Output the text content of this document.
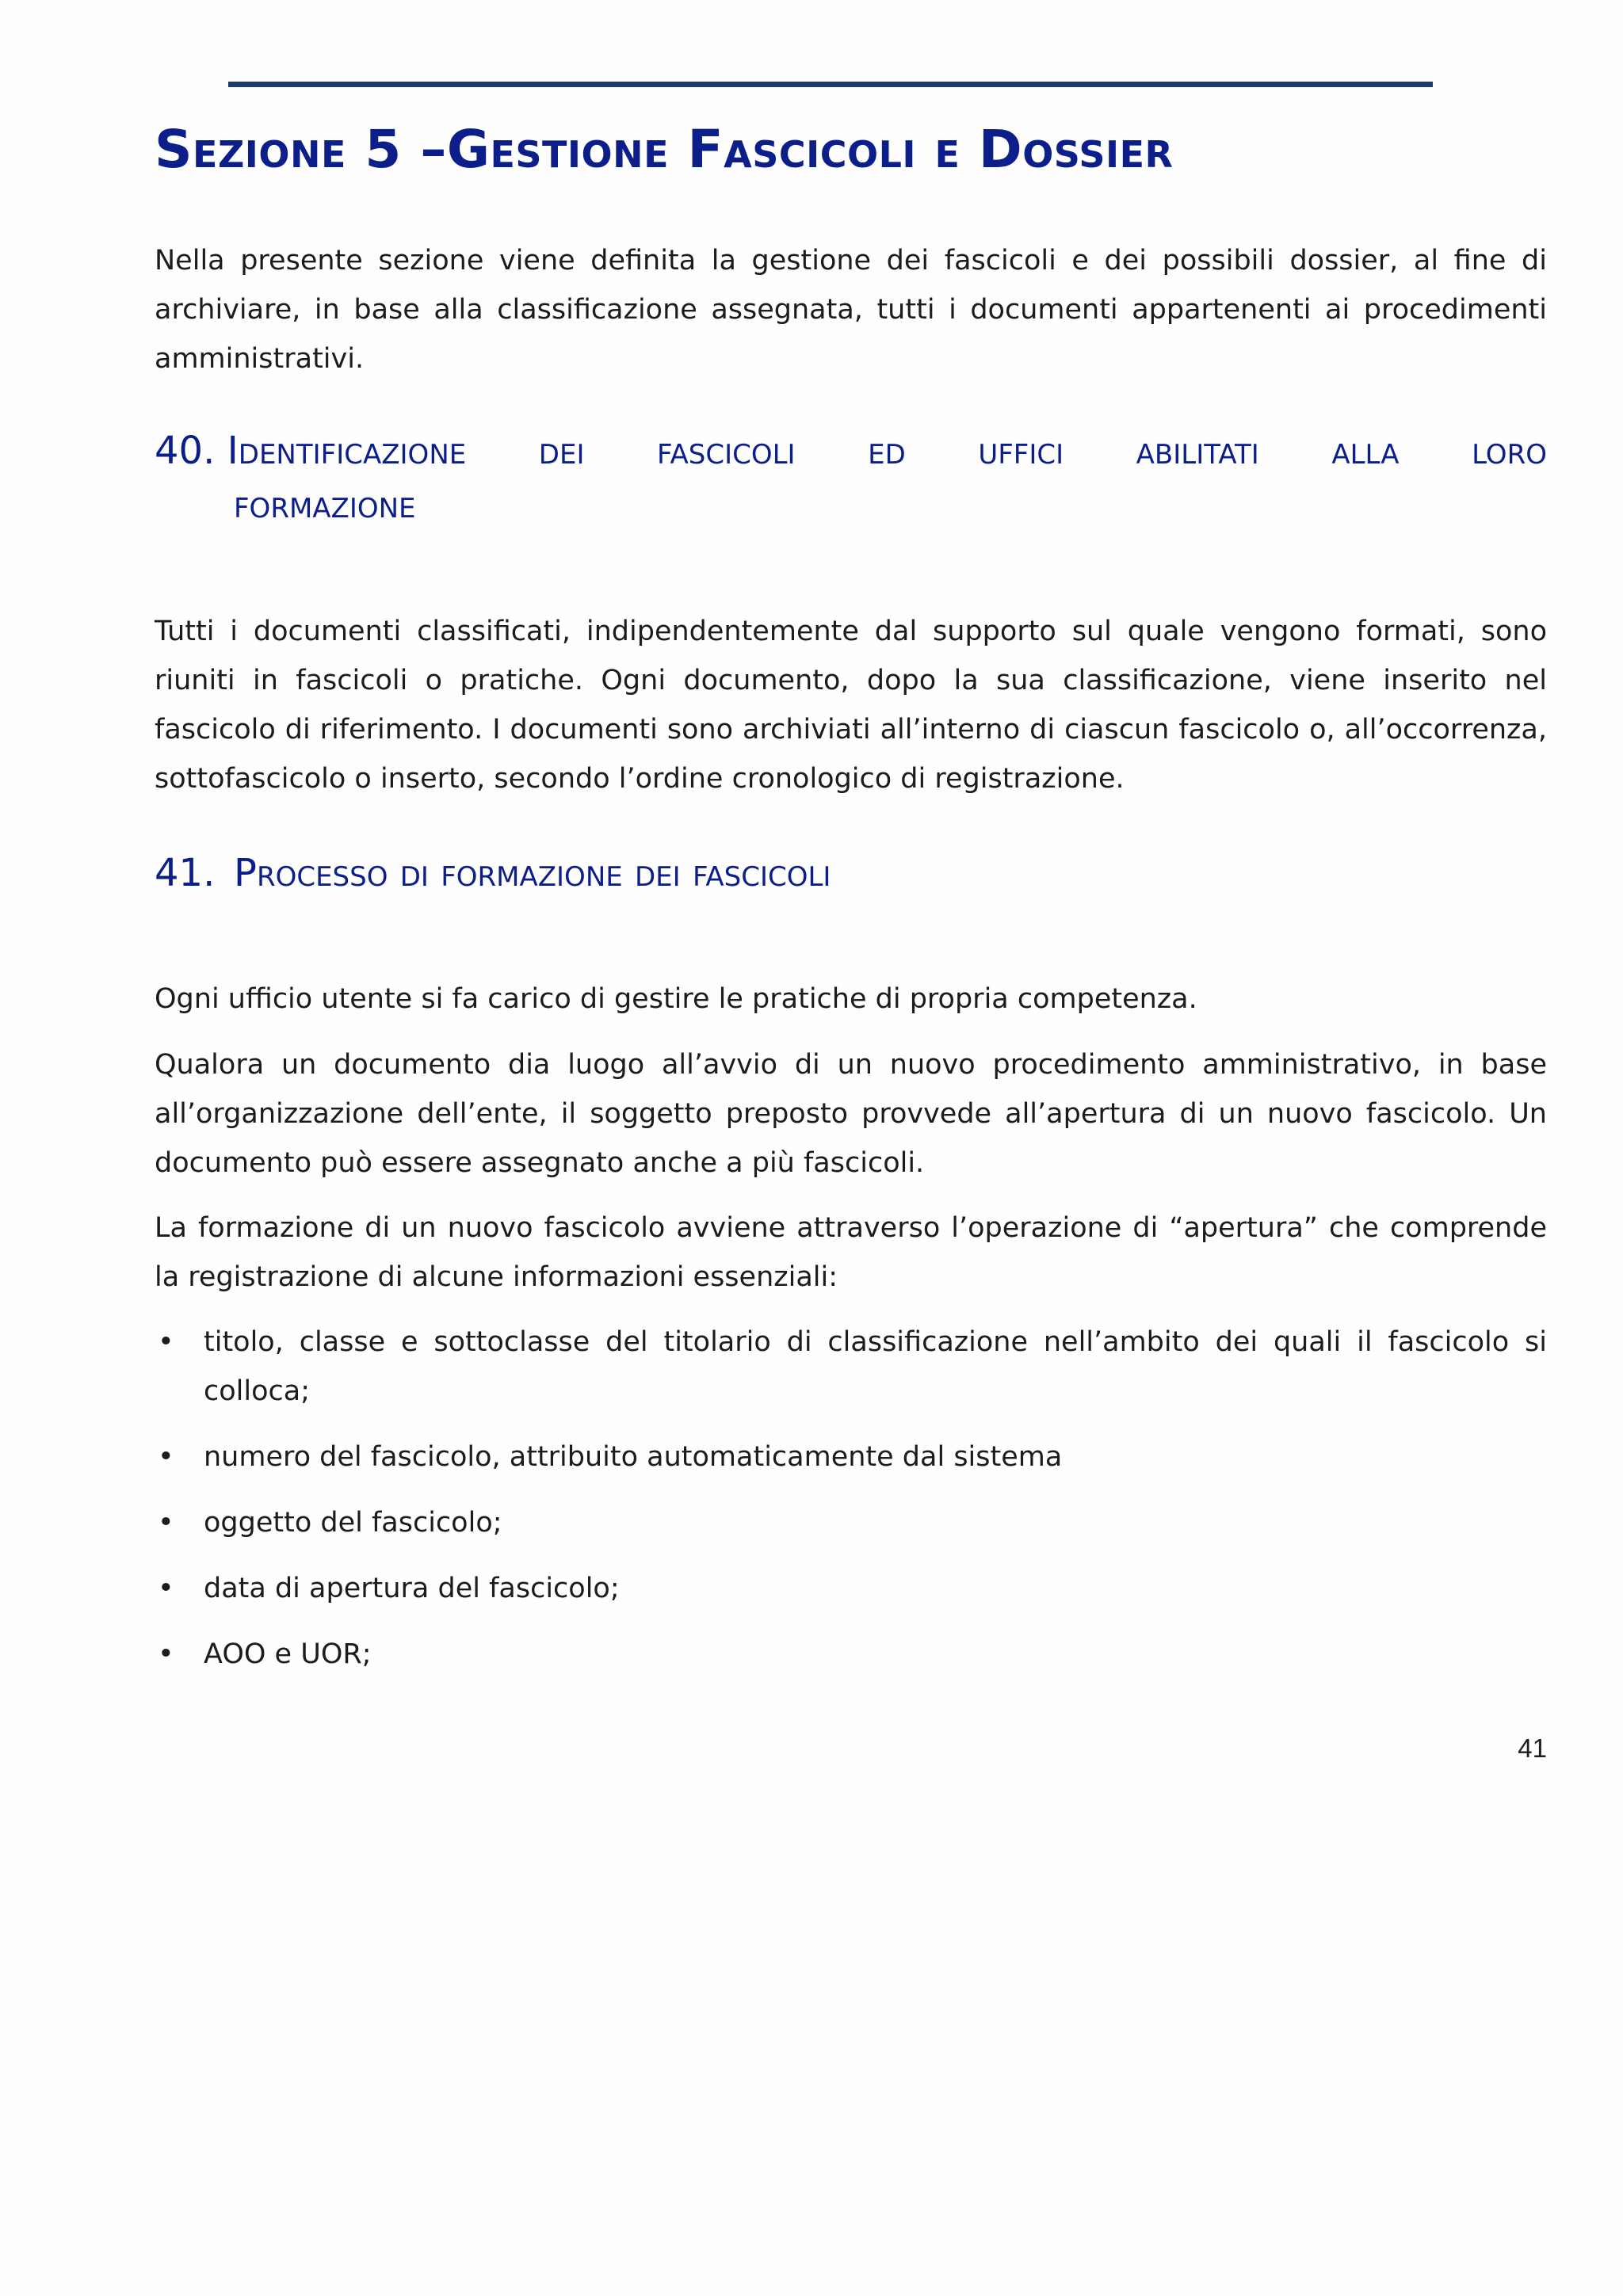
Sezione 5 –Gestione Fascicoli e Dossier

Nella presente sezione viene definita la gestione dei fascicoli e dei possibili dossier, al fine di archiviare, in base alla classificazione assegnata, tutti i documenti appartenenti ai procedimenti amministrativi.

40. Identificazione dei fascicoli ed uffici abilitati alla loro
formazione

Tutti i documenti classificati, indipendentemente dal supporto sul quale vengono formati, sono riuniti in fascicoli o pratiche. Ogni documento, dopo la sua classificazione, viene inserito nel fascicolo di riferimento. I documenti sono archiviati all’interno di ciascun fascicolo o, all’occorrenza, sottofascicolo o inserto, secondo l’ordine cronologico di registrazione.

41. Processo di formazione dei fascicoli

Ogni ufficio utente si fa carico di gestire le pratiche di propria competenza.

Qualora un documento dia luogo all’avvio di un nuovo procedimento amministrativo, in base all’organizzazione dell’ente, il soggetto preposto provvede all’apertura di un nuovo fascicolo. Un documento può essere assegnato anche a più fascicoli.

La formazione di un nuovo fascicolo avviene attraverso l’operazione di “apertura” che comprende la registrazione di alcune informazioni essenziali:

• titolo, classe e sottoclasse del titolario di classificazione nell’ambito dei quali il fascicolo si colloca;
• numero del fascicolo, attribuito automaticamente dal sistema
• oggetto del fascicolo;
• data di apertura del fascicolo;
• AOO e UOR;
41
